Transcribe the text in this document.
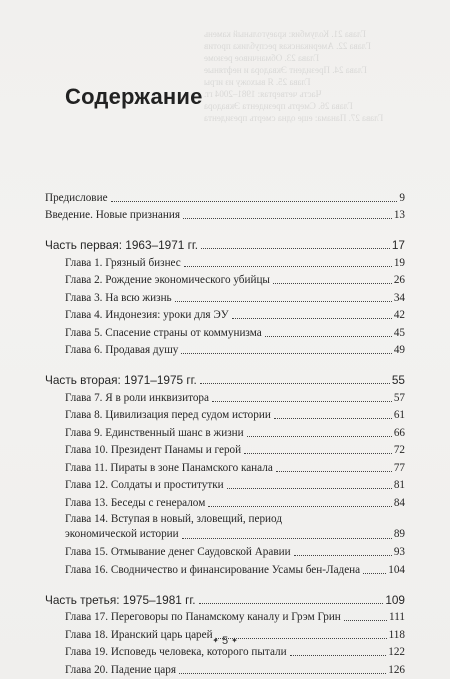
Глава 21. Колумбия: краеугольный камень
Глава 22. Американская республика против
Глава 23. Обманчивое резюме
Глава 24. Президент Эквадора и нефтяные
Глава 25. Я выхожу из игры
Часть четвертая: 1981–2004 гг.
Глава 26. Смерть президента Эквадора
Глава 27. Панама: еще одна смерть президента
Содержание
Предисловие	9
Введение. Новые признания	13
Часть первая: 1963–1971 гг.	17
Глава 1. Грязный бизнес	19
Глава 2. Рождение экономического убийцы	26
Глава 3. На всю жизнь	34
Глава 4. Индонезия: уроки для ЭУ	42
Глава 5. Спасение страны от коммунизма	45
Глава 6. Продавая душу	49
Часть вторая: 1971–1975 гг.	55
Глава 7. Я в роли инквизитора	57
Глава 8. Цивилизация перед судом истории	61
Глава 9. Единственный шанс в жизни	66
Глава 10. Президент Панамы и герой	72
Глава 11. Пираты в зоне Панамского канала	77
Глава 12. Солдаты и проститутки	81
Глава 13. Беседы с генералом	84
Глава 14. Вступая в новый, зловещий, период
экономической истории	89
Глава 15. Отмывание денег Саудовской Аравии	93
Глава 16. Сводничество и финансирование Усамы бен-Ладена	104
Часть третья: 1975–1981 гг.	109
Глава 17. Переговоры по Панамскому каналу и Грэм Грин	111
Глава 18. Иранский царь царей	118
Глава 19. Исповедь человека, которого пытали	122
Глава 20. Падение царя	126
✦ 5 ✦
